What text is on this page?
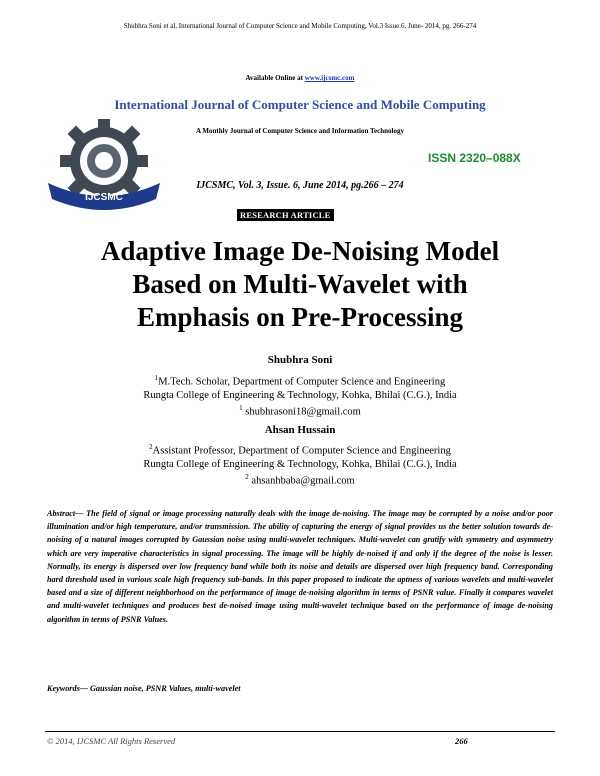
Shubhra Soni et al, International Journal of Computer Science and Mobile Computing, Vol.3 Issue.6, June- 2014, pg. 266-274
Available Online at www.ijcsmc.com
International Journal of Computer Science and Mobile Computing
IJCSMC
A Monthly Journal of Computer Science and Information Technology
ISSN 2320–088X
IJCSMC, Vol. 3, Issue. 6, June 2014, pg.266 – 274
RESEARCH ARTICLE
Adaptive Image De-Noising Model
Based on Multi-Wavelet with
Emphasis on Pre-Processing
Shubhra Soni
$^1$M.Tech. Scholar, Department of Computer Science and Engineering
Rungta College of Engineering & Technology, Kohka, Bhilai (C.G.), India
$^1$ shubhrasoni18@gmail.com
Ahsan Hussain
$^2$Assistant Professor, Department of Computer Science and Engineering
Rungta College of Engineering & Technology, Kohka, Bhilai (C.G.), India
$^2$ ahsanhbaba@gmail.com
Abstract— The field of signal or image processing naturally deals with the image de-noising. The image may be corrupted by a noise and/or poor illumination and/or high temperature, and/or transmission. The ability of capturing the energy of signal provides us the better solution towards de-noising of a natural images corrupted by Gaussian noise using multi-wavelet techniques. Multi-wavelet can gratify with symmetry and asymmetry which are very imperative characteristics in signal processing. The image will be highly de-noised if and only if the degree of the noise is lesser. Normally, its energy is dispersed over low frequency band while both its noise and details are dispersed over high frequency band. Corresponding hard threshold used in various scale high frequency sub-bands. In this paper proposed to indicate the aptness of various wavelets and multi-wavelet based and a size of different neighborhood on the performance of image de-noising algorithm in terms of PSNR value. Finally it compares wavelet and multi-wavelet techniques and produces best de-noised image using multi-wavelet technique based on the performance of image de-noising algorithm in terms of PSNR Values.
Keywords— Gaussian noise, PSNR Values, multi-wavelet
© 2014, IJCSMC All Rights Reserved	266
